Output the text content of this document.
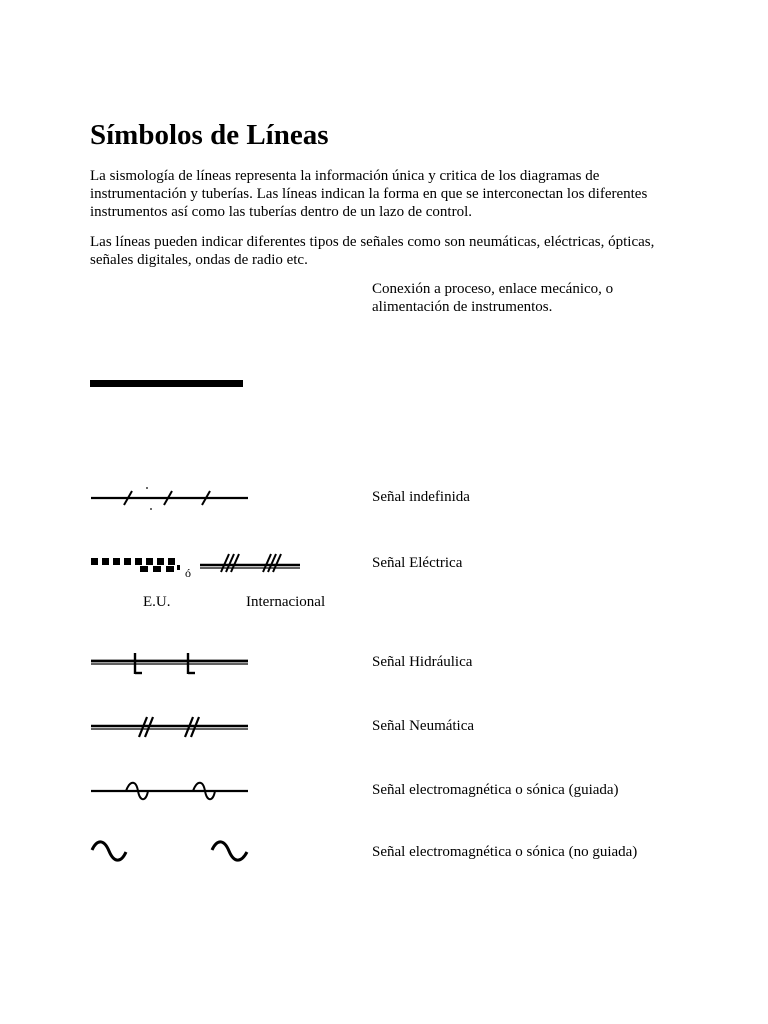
Símbolos de Líneas

La sismología de líneas representa la información única y critica de los diagramas de instrumentación y tuberías. Las líneas indican la forma en que se interconectan los diferentes instrumentos así como las tuberías dentro de un lazo de control.

Las líneas pueden indicar diferentes tipos de señales como son neumáticas, eléctricas, ópticas, señales digitales, ondas de radio etc.

Conexión a proceso, enlace mecánico, o alimentación de instrumentos.
Señal indefinida
Señal Eléctrica
ó
E.U.	Internacional
Señal Hidráulica
Señal Neumática
Señal electromagnética o sónica (guiada)
Señal electromagnética o sónica (no guiada)
